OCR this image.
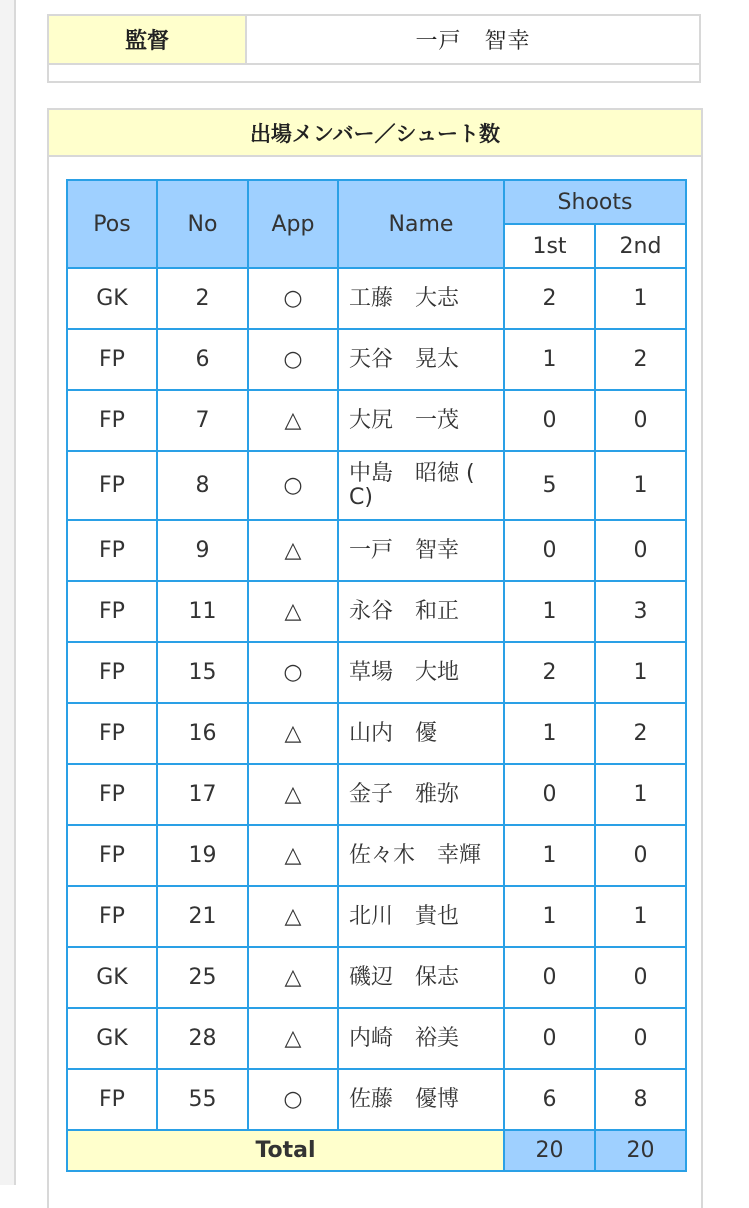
監督	一戸　智幸
出場メンバー／シュート数
Pos	No	App	Name	Shoots	
				1st	2nd
GK	2	○	工藤　大志	2	1
FP	6	○	天谷　晃太	1	2
FP	7	△	大尻　一茂	0	0
FP	8	○	中島　昭徳 ( C)	5	1
FP	9	△	一戸　智幸	0	0
FP	11	△	永谷　和正	1	3
FP	15	○	草場　大地	2	1
FP	16	△	山内　優	1	2
FP	17	△	金子　雅弥	0	1
FP	19	△	佐々木　幸輝	1	0
FP	21	△	北川　貴也	1	1
GK	25	△	磯辺　保志	0	0
GK	28	△	内崎　裕美	0	0
FP	55	○	佐藤　優博	6	8
Total				20	20
